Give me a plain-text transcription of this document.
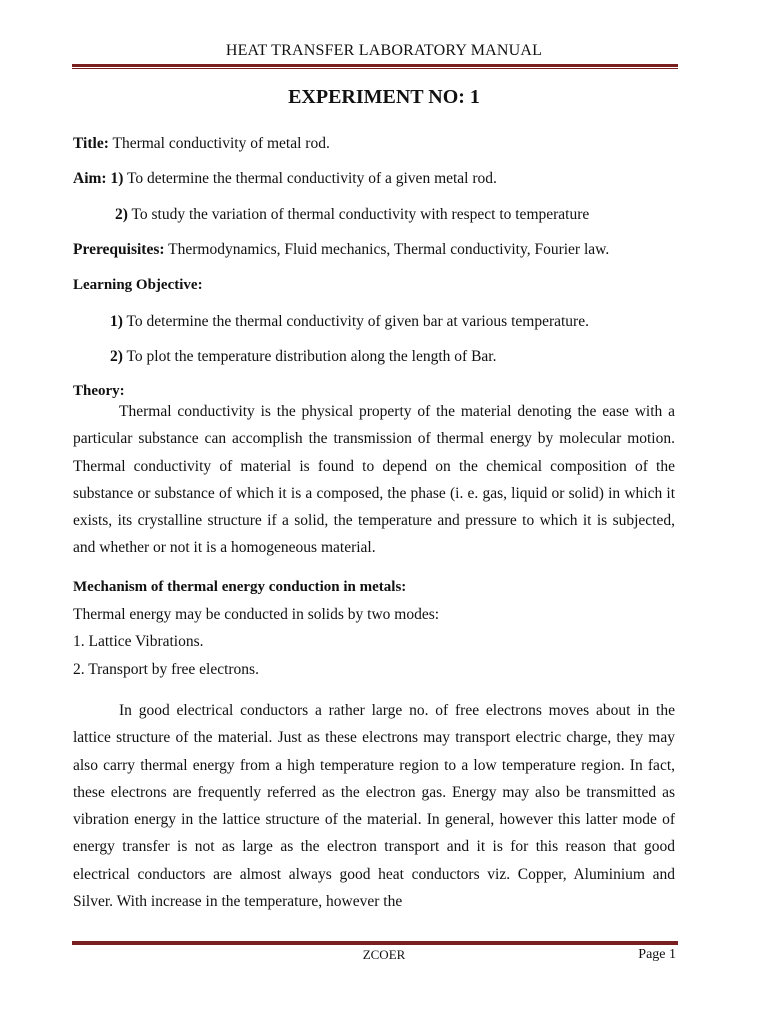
HEAT TRANSFER LABORATORY MANUAL
EXPERIMENT NO: 1
Title: Thermal conductivity of metal rod.
Aim: 1) To determine the thermal conductivity of a given metal rod.
2) To study the variation of thermal conductivity with respect to temperature
Prerequisites: Thermodynamics, Fluid mechanics, Thermal conductivity, Fourier law.
Learning Objective:
1) To determine the thermal conductivity of given bar at various temperature.
2) To plot the temperature distribution along the length of Bar.
Theory:

Thermal conductivity is the physical property of the material denoting the ease with a particular substance can accomplish the transmission of thermal energy by molecular motion. Thermal conductivity of material is found to depend on the chemical composition of the substance or substance of which it is a composed, the phase (i. e. gas, liquid or solid) in which it exists, its crystalline structure if a solid, the temperature and pressure to which it is subjected, and whether or not it is a homogeneous material.

Mechanism of thermal energy conduction in metals:
Thermal energy may be conducted in solids by two modes:
1. Lattice Vibrations.
2. Transport by free electrons.

In good electrical conductors a rather large no. of free electrons moves about in the lattice structure of the material. Just as these electrons may transport electric charge, they may also carry thermal energy from a high temperature region to a low temperature region. In fact, these electrons are frequently referred as the electron gas. Energy may also be transmitted as vibration energy in the lattice structure of the material. In general, however this latter mode of energy transfer is not as large as the electron transport and it is for this reason that good electrical conductors are almost always good heat conductors viz. Copper, Aluminium and Silver. With increase in the temperature, however the

ZCOER	Page 1
